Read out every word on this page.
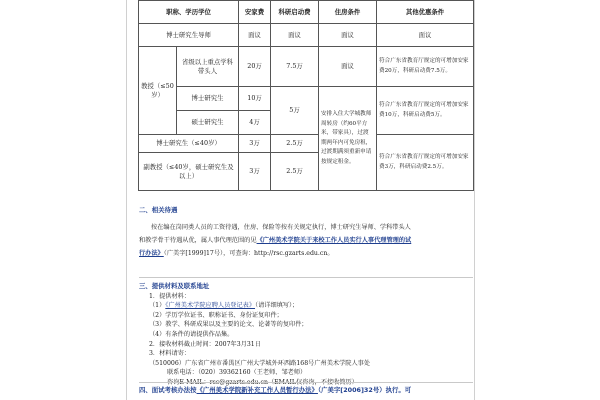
职称、学历学位		安家费	科研启动费	住房条件	其他优惠条件
博士研究生导师		面议	面议	面议	面议
教授（≤50岁）	省级以上重点学科带头人	20万	7.5万	面议	符合广东省教育厅规定的可增加安家费20万，科研启动费7.5万。
	博士研究生	10万	5万	安排入住大学城教师周转房（约60平方米，带家具），过渡期两年内可免房租，过渡期满须重新申请按规定租金。	符合广东省教育厅规定的可增加安家费10万，科研启动费5万。
	硕士研究生	4万			
博士研究生（≤40岁）		3万	2.5万		符合广东省教育厅规定的可增加安家费3万，科研启动费2.5万。
副教授（≤40岁，硕士研究生及以上）		3万	2.5万		
二、相关待遇
按在编在岗同类人员的工资待遇，住房、保险等按有关规定执行，博士研究生导师、学科带头人
和教学骨干待遇从优，属人事代理范围的见《广州美术学院关于来校工作人员实行人事代理管理的试
行办法》（广美字[1999]17号），可查询：http://rsc.gzarts.edu.cn。
三、提供材料及联系地址
1．提供材料：
（1）《广州美术学院应聘人员登记表》（请详细填写）；
（2）学历学位证书、职称证书、身份证复印件；
（3）教学、科研成果以及主要的论文、论著等的复印件；
（4）有条件的请提供作品集。
2．接收材料截止时间：2007年3月31日
3．材料请寄：
（510006）广东省广州市番禺区广州大学城外环西路168号广州美术学院人事处
联系电话：（020）39362160（王老师、邹老师）
四、面试考核办法按《广州美术学院新补充工作人员暂行办法》（广美字[2006]32号）执行。可
